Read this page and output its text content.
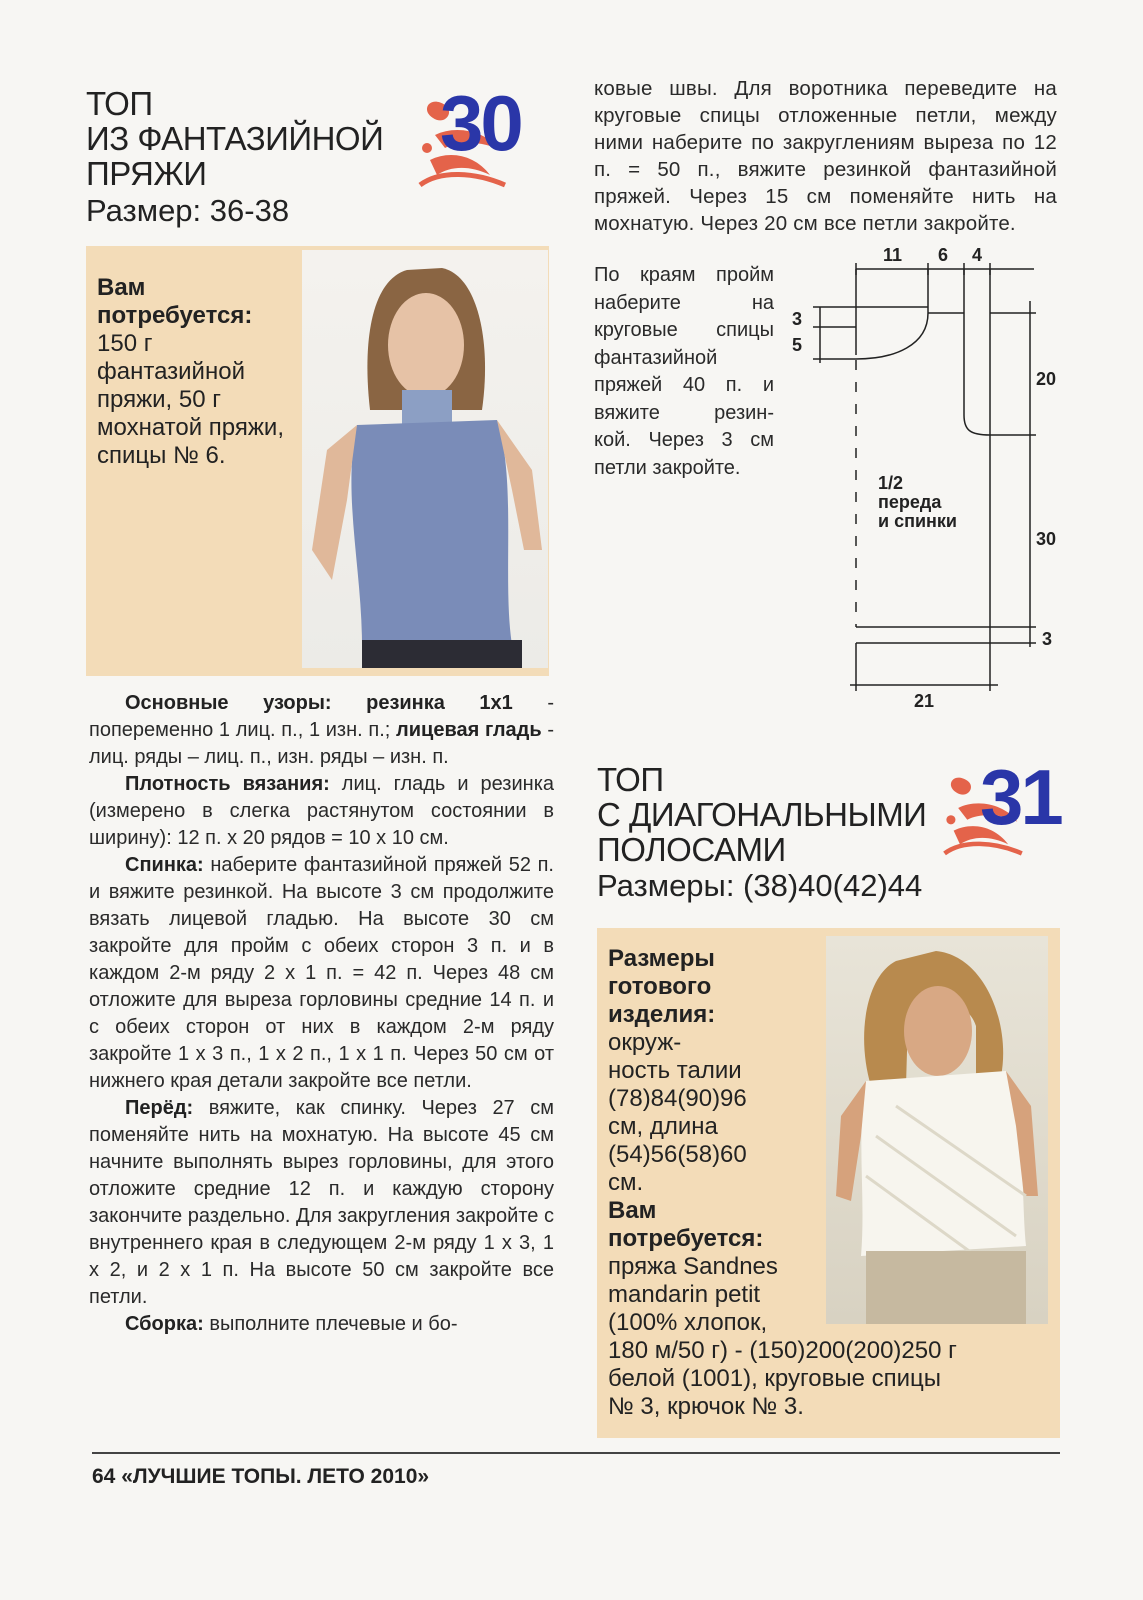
ТОП
ИЗ ФАНТАЗИЙНОЙ
ПРЯЖИ
Размер: 36-38
30
Вам потребуется: 150 г фантазийной пряжи, 50 г мохнатой пряжи, спицы № 6.

Основные узоры: резинка 1х1 - попеременно 1 лиц. п., 1 изн. п.; лицевая гладь - лиц. ряды – лиц. п., изн. ряды – изн. п.

Плотность вязания: лиц. гладь и резинка (измерено в слегка растянутом состоянии в ширину): 12 п. х 20 рядов = 10 х 10 см.

Спинка: наберите фантазийной пряжей 52 п. и вяжите резинкой. На высоте 3 см продолжите вязать лицевой гладью. На высоте 30 см закройте для пройм с обеих сторон 3 п. и в каждом 2-м ряду 2 х 1 п. = 42 п. Через 48 см отложите для выреза горловины средние 14 п. и с обеих сторон от них в каждом 2-м ряду закройте 1 х 3 п., 1 х 2 п., 1 х 1 п. Через 50 см от нижнего края детали закройте все петли.

Перёд: вяжите, как спинку. Через 27 см поменяйте нить на мохнатую. На высоте 45 см начните выполнять вырез горловины, для этого отложите средние 12 п. и каждую сторону закончите раздельно. Для закругления закройте с внутреннего края в следующем 2-м ряду 1 х 3, 1 х 2, и 2 х 1 п. На высоте 50 см закройте все петли.

Сборка: выполните плечевые и бо-

ковые швы. Для воротника переведите на круговые спицы отложенные петли, между ними наберите по закруглениям выреза по 12 п. = 50 п., вяжите резинкой фантазийной пряжей. Через 15 см поменяйте нить на мохнатую. Через 20 см все петли закройте.
По краям пройм
наберите на
круговые спицы
фантазийной
пряжей 40 п. и
вяжите резин-
кой. Через 3 см
петли закройте.
11 6 4
3
5
20
30
3
21
1/2
переда
и спинки
ТОП
С ДИАГОНАЛЬНЫМИ
ПОЛОСАМИ
Размеры: (38)40(42)44
31
Размеры
готового
изделия:
окруж-
ность талии
(78)84(90)96
см, длина
(54)56(58)60
см.
Вам
потребуется:
пряжа Sandnes
mandarin petit
(100% хлопок,
180 м/50 г) - (150)200(200)250 г
белой (1001), круговые спицы
№ 3, крючок № 3.
64 «ЛУЧШИЕ ТОПЫ. ЛЕТО 2010»
